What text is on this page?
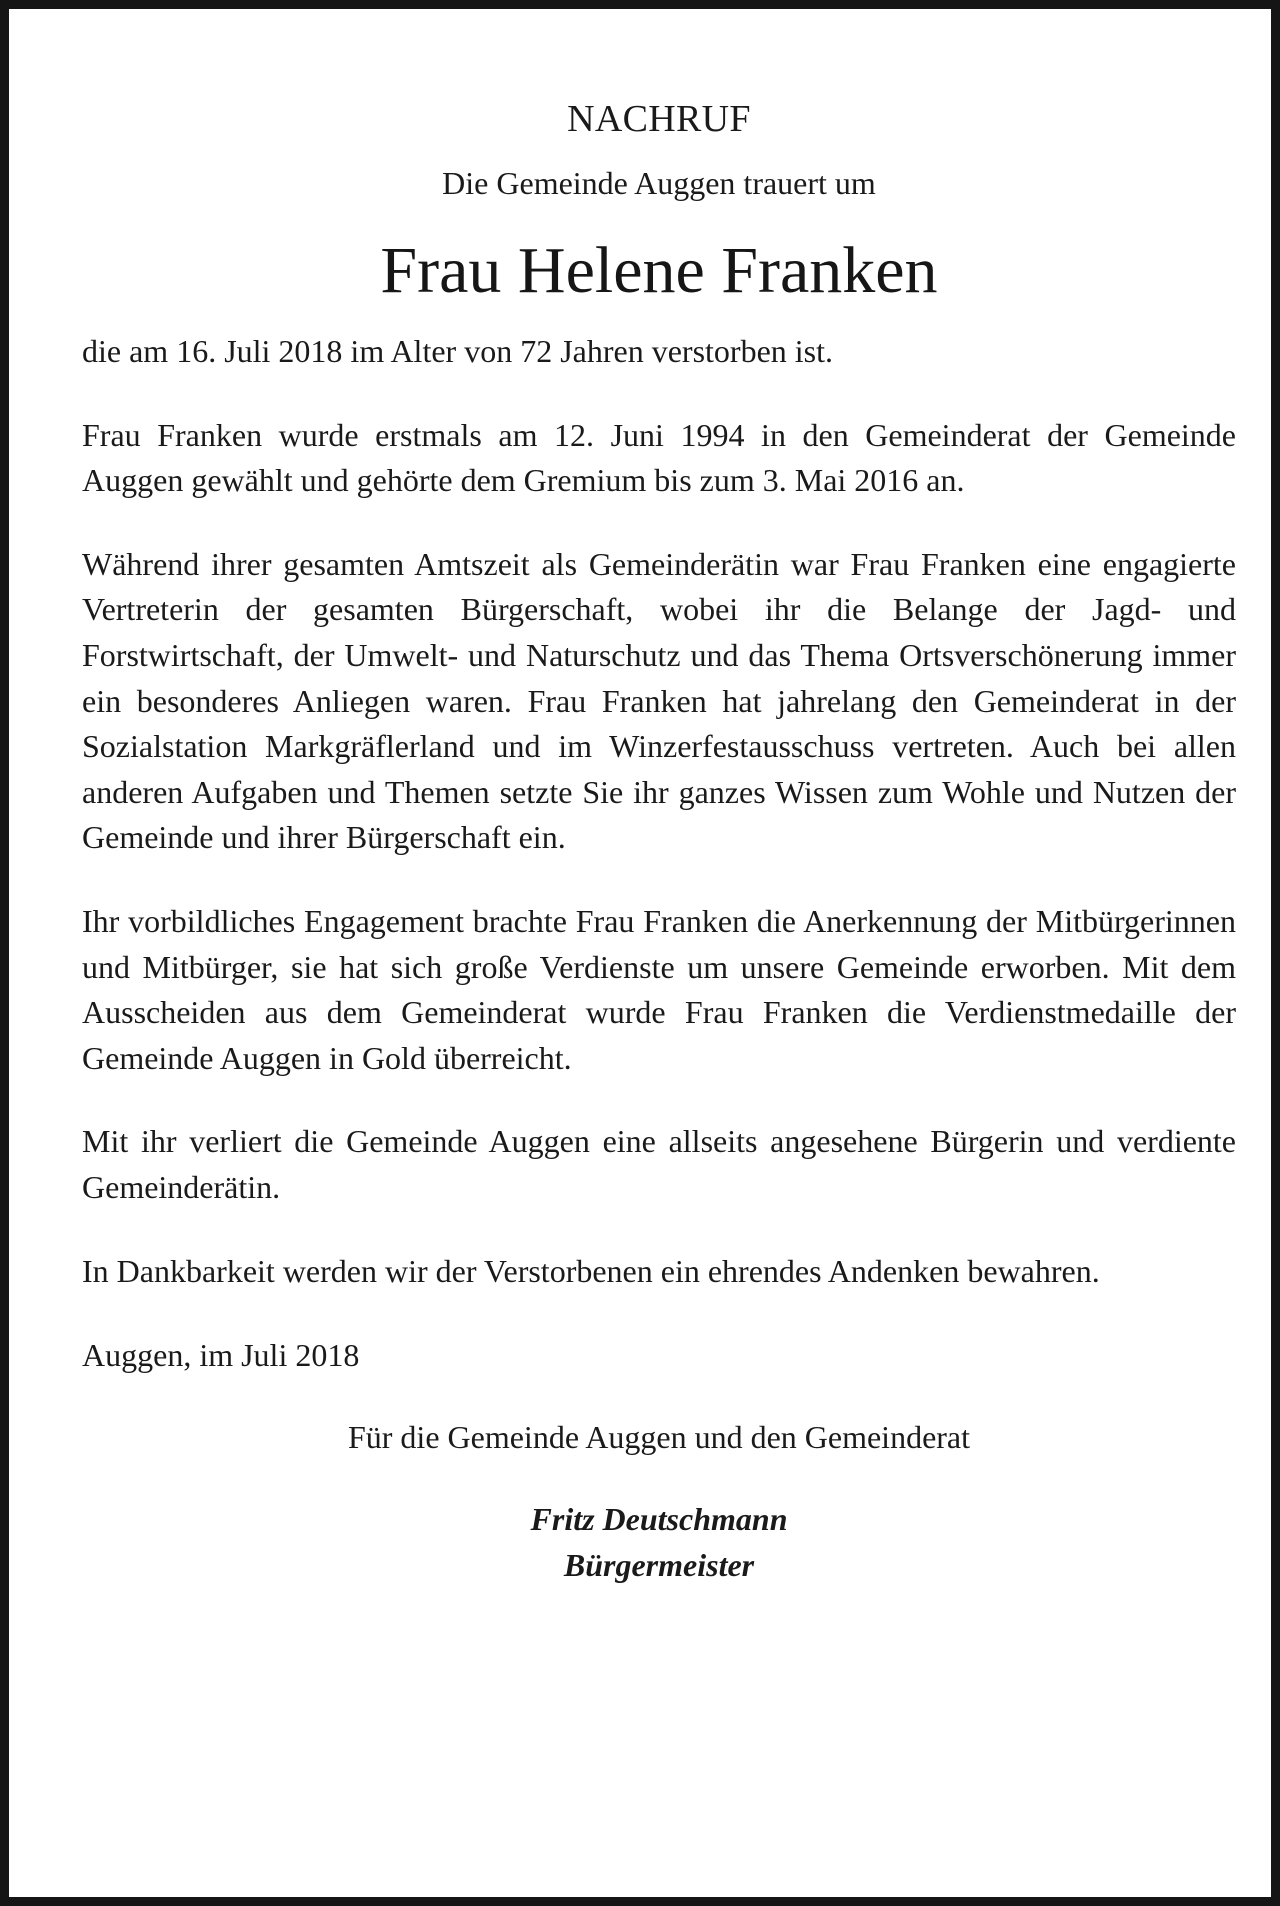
NACHRUF
Die Gemeinde Auggen trauert um
Frau Helene Franken

die am 16. Juli 2018 im Alter von 72 Jahren verstorben ist.

Frau Franken wurde erstmals am 12. Juni 1994 in den Gemeinderat der Gemeinde Auggen gewählt und gehörte dem Gremium bis zum 3. Mai 2016 an.

Während ihrer gesamten Amtszeit als Gemeinderätin war Frau Franken eine engagierte Vertreterin der gesamten Bürgerschaft, wobei ihr die Belange der Jagd- und Forstwirtschaft, der Umwelt- und Naturschutz und das Thema Ortsverschönerung immer ein besonderes Anliegen waren. Frau Franken hat jahrelang den Gemeinderat in der Sozialstation Markgräflerland und im Winzerfestausschuss vertreten. Auch bei allen anderen Aufgaben und Themen setzte Sie ihr ganzes Wissen zum Wohle und Nutzen der Gemeinde und ihrer Bürgerschaft ein.

Ihr vorbildliches Engagement brachte Frau Franken die Anerkennung der Mitbürgerinnen und Mitbürger, sie hat sich große Verdienste um unsere Gemeinde erworben. Mit dem Ausscheiden aus dem Gemeinderat wurde Frau Franken die Verdienstmedaille der Gemeinde Auggen in Gold überreicht.

Mit ihr verliert die Gemeinde Auggen eine allseits angesehene Bürgerin und verdiente Gemeinderätin.

In Dankbarkeit werden wir der Verstorbenen ein ehrendes Andenken bewahren.

Auggen, im Juli 2018
Für die Gemeinde Auggen und den Gemeinderat
Fritz Deutschmann
Bürgermeister
